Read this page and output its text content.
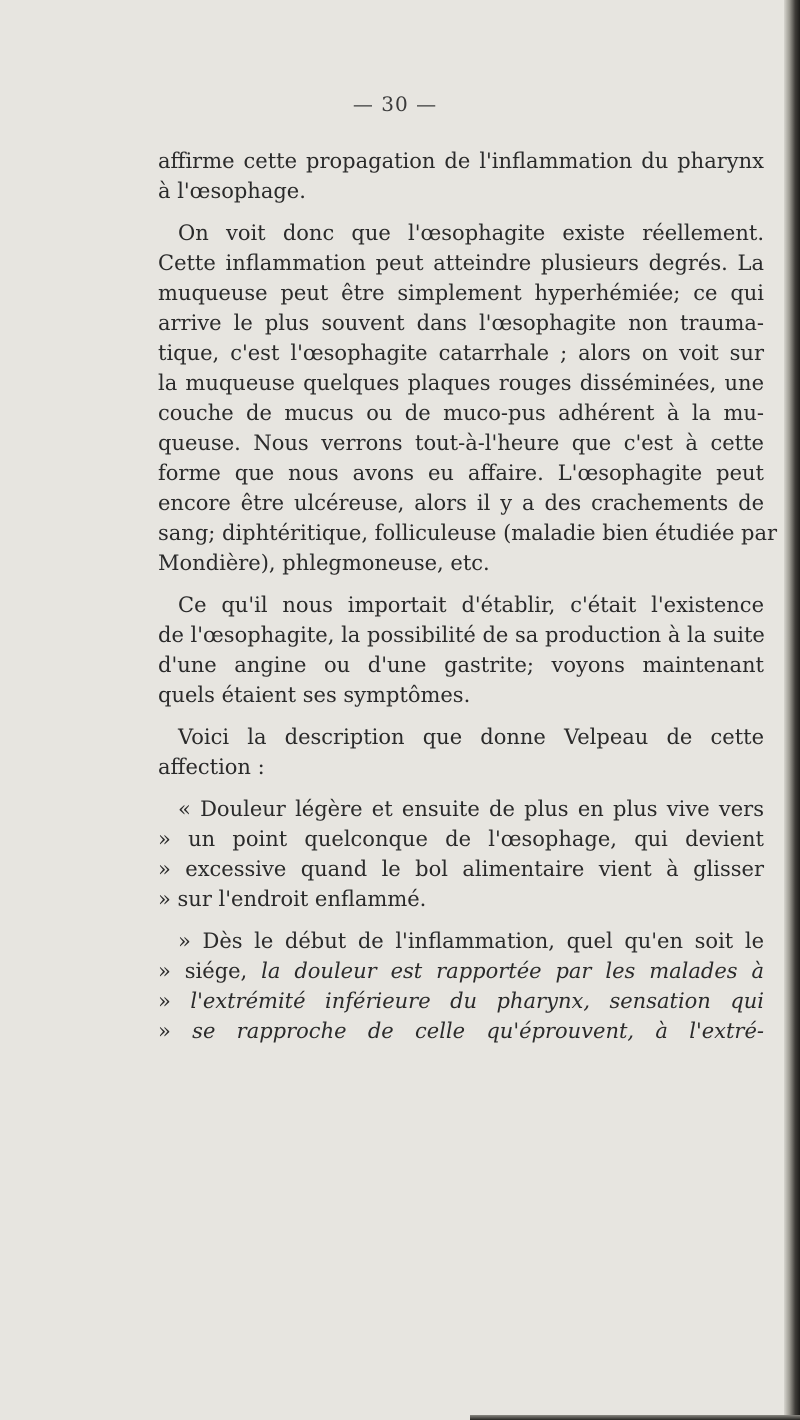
— 30 —
affirme cette propagation de l'inflammation du pharynx
à l'œsophage.
On voit donc que l'œsophagite existe réellement.
Cette inflammation peut atteindre plusieurs degrés. La
muqueuse peut être simplement hyperhémiée; ce qui
arrive le plus souvent dans l'œsophagite non trauma-
tique, c'est l'œsophagite catarrhale ; alors on voit sur
la muqueuse quelques plaques rouges disséminées, une
couche de mucus ou de muco-pus adhérent à la mu-
queuse. Nous verrons tout-à-l'heure que c'est à cette
forme que nous avons eu affaire. L'œsophagite peut
encore être ulcéreuse, alors il y a des crachements de
sang; diphtéritique, folliculeuse (maladie bien étudiée par
Mondière), phlegmoneuse, etc.
Ce qu'il nous importait d'établir, c'était l'existence
de l'œsophagite, la possibilité de sa production à la suite
d'une angine ou d'une gastrite; voyons maintenant
quels étaient ses symptômes.
Voici la description que donne Velpeau de cette
affection :
« Douleur légère et ensuite de plus en plus vive vers
» un point quelconque de l'œsophage, qui devient
» excessive quand le bol alimentaire vient à glisser
» sur l'endroit enflammé.
» Dès le début de l'inflammation, quel qu'en soit le
» siége, la douleur est rapportée par les malades à
» l'extrémité inférieure du pharynx, sensation qui
» se rapproche de celle qu'éprouvent, à l'extré-
